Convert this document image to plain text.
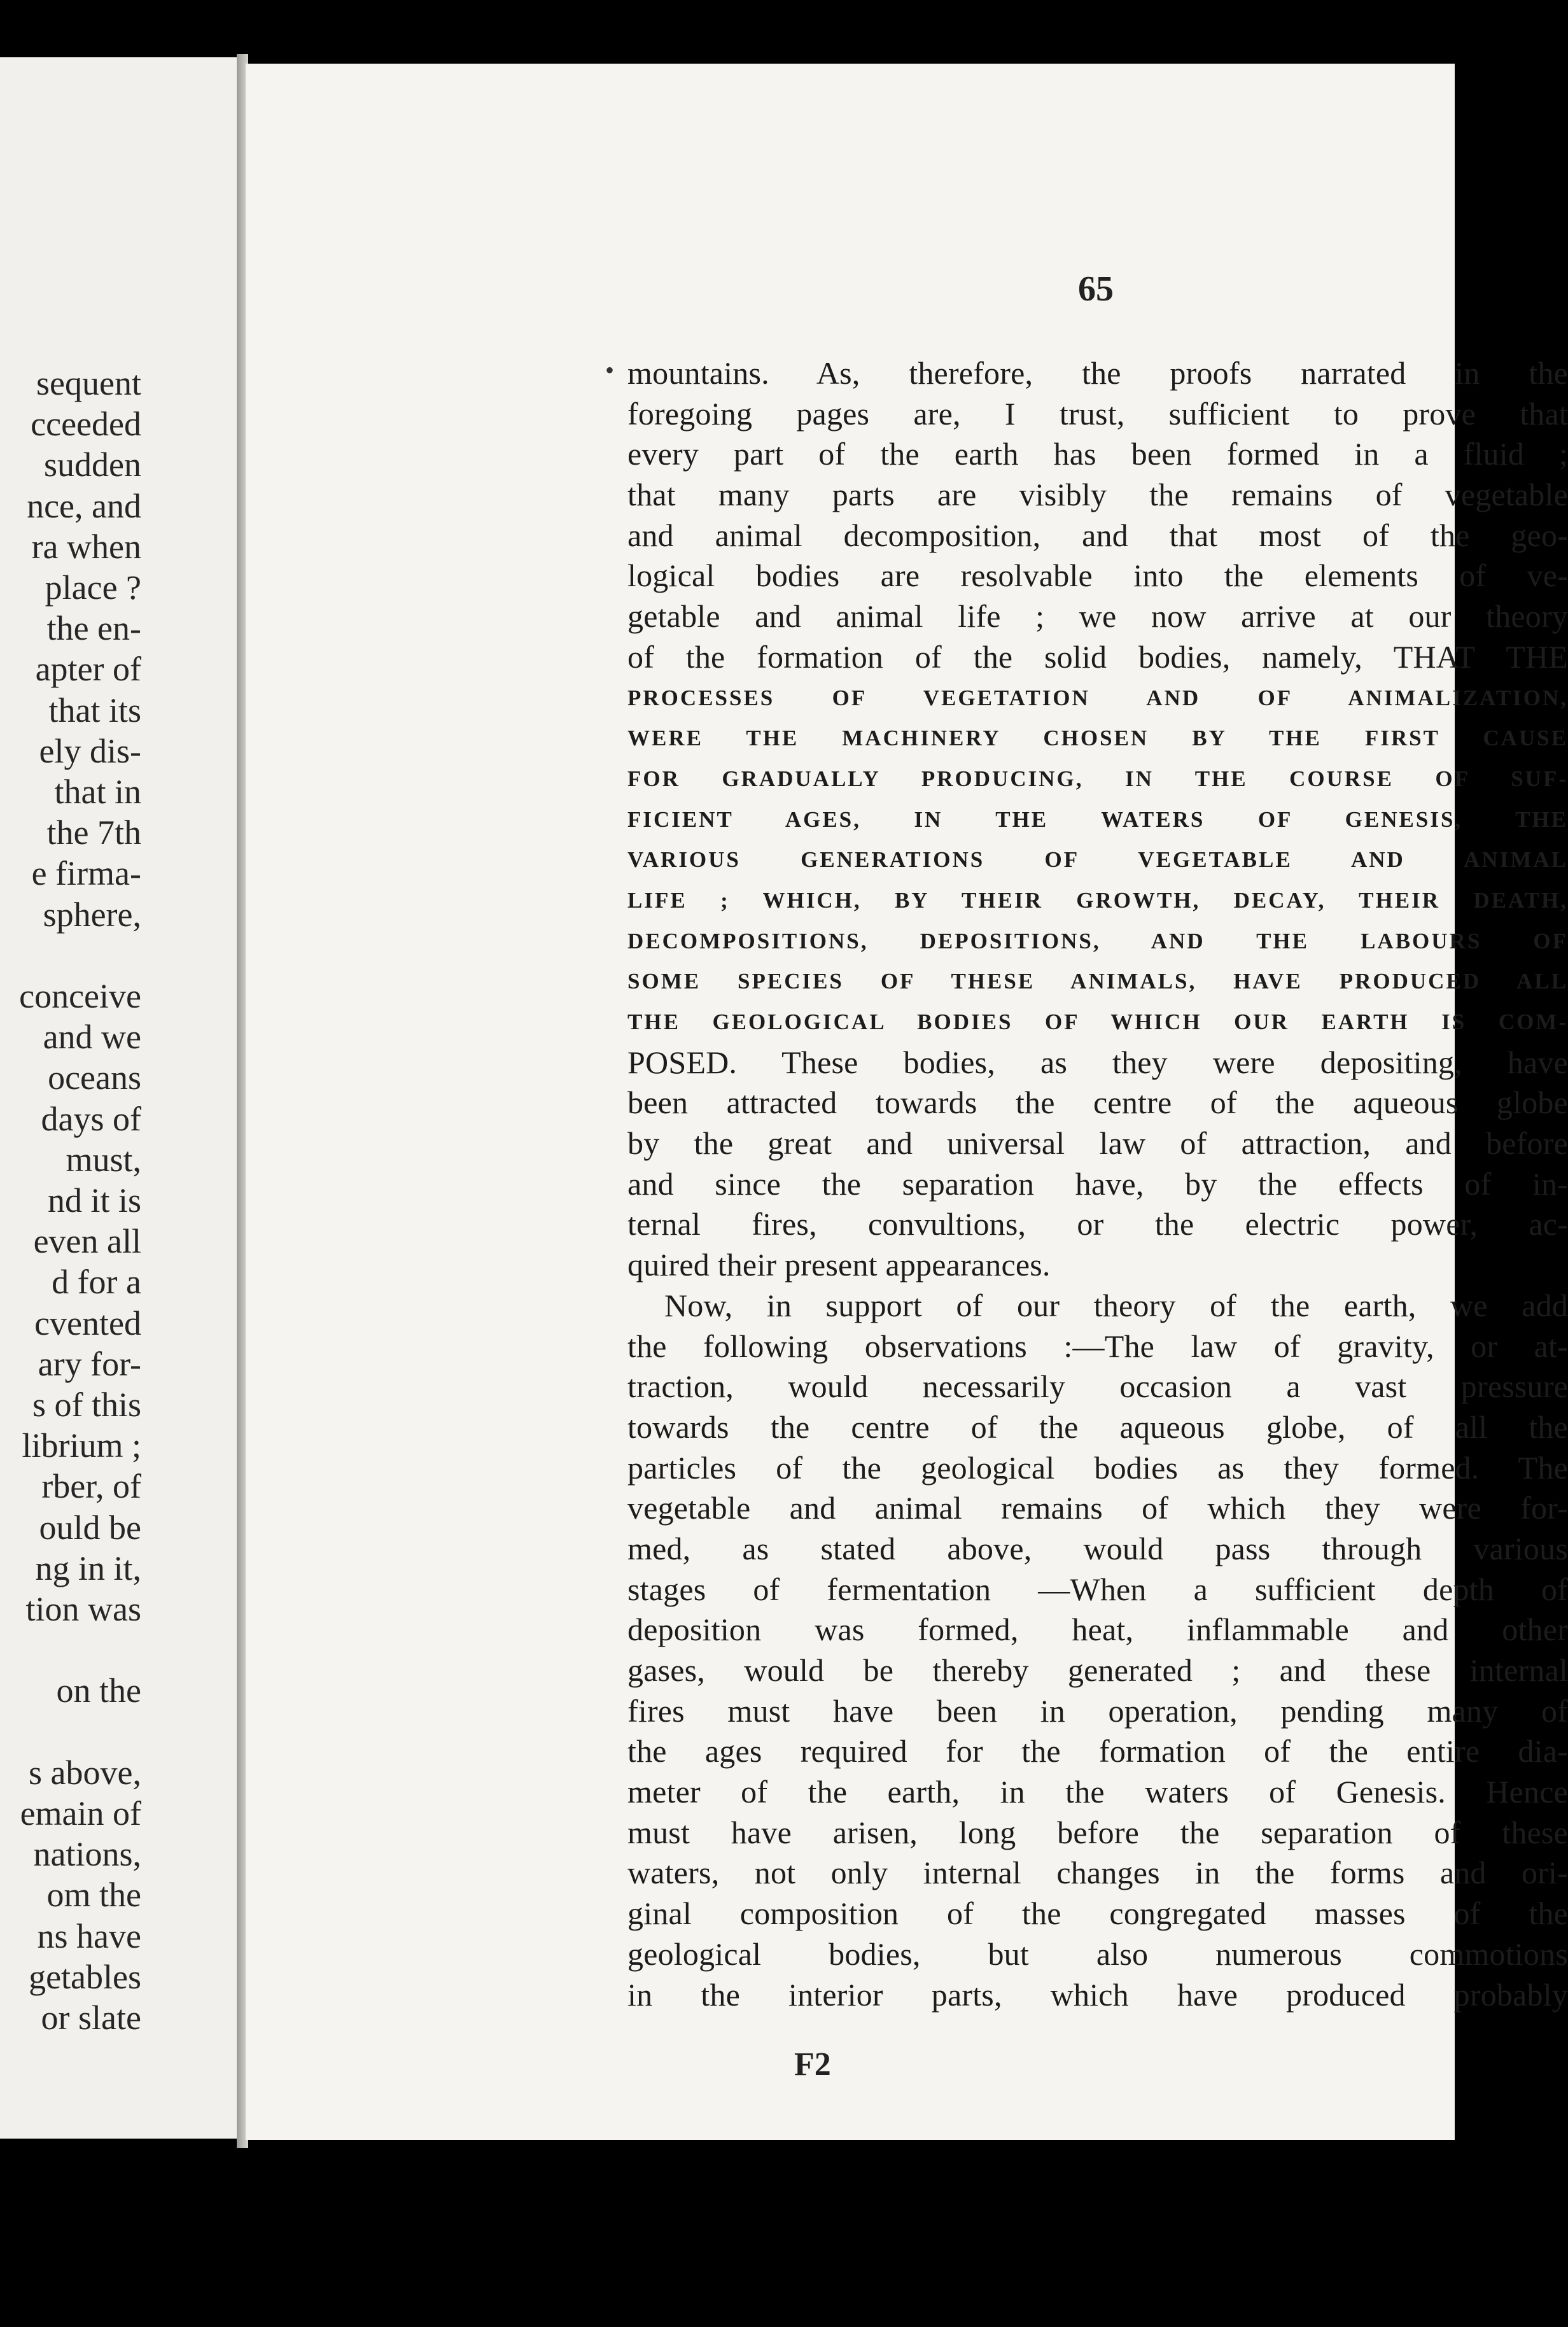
sequent
cceeded
sudden
nce, and
ra when
place ?
the en-
apter of
that its
ely dis-
that in
the 7th
e firma-
sphere,
conceive
and we
oceans
days of
must,
nd it is
even all
d for a
cvented
ary for-
s of this
librium ;
rber, of
ould be
ng in it,
tion was
on the
s above,
emain of
nations,
om the
ns have
getables
or slate
65
• mountains. As, therefore, the proofs narrated in the
foregoing pages are, I trust, sufficient to prove that
every part of the earth has been formed in a fluid ;
that many parts are visibly the remains of vegetable
and animal decomposition, and that most of the geo-
logical bodies are resolvable into the elements of ve-
getable and animal life ; we now arrive at our theory
of the formation of the solid bodies, namely, THAT THE
PROCESSES OF VEGETATION AND OF ANIMALIZATION,
WERE THE MACHINERY CHOSEN BY THE FIRST CAUSE
FOR GRADUALLY PRODUCING, IN THE COURSE OF SUF-
FICIENT AGES, IN THE WATERS OF GENESIS, THE
VARIOUS GENERATIONS OF VEGETABLE AND ANIMAL
LIFE ; WHICH, BY THEIR GROWTH, DECAY, THEIR DEATH,
DECOMPOSITIONS, DEPOSITIONS, AND THE LABOURS OF
SOME SPECIES OF THESE ANIMALS, HAVE PRODUCED ALL
THE GEOLOGICAL BODIES OF WHICH OUR EARTH IS COM-
POSED. These bodies, as they were depositing, have
been attracted towards the centre of the aqueous globe
by the great and universal law of attraction, and before
and since the separation have, by the effects of in-
ternal fires, convultions, or the electric power, ac-
quired their present appearances.
Now, in support of our theory of the earth, we add
the following observations :—The law of gravity, or at-
traction, would necessarily occasion a vast pressure
towards the centre of the aqueous globe, of all the
particles of the geological bodies as they formed. The
vegetable and animal remains of which they were for-
med, as stated above, would pass through various
stages of fermentation —When a sufficient depth of
deposition was formed, heat, inflammable and other
gases, would be thereby generated ; and these internal
fires must have been in operation, pending many of
the ages required for the formation of the entire dia-
meter of the earth, in the waters of Genesis. Hence
must have arisen, long before the separation of these
waters, not only internal changes in the forms and ori-
ginal composition of the congregated masses of the
geological bodies, but also numerous commotions
in the interior parts, which have produced probably
F2
